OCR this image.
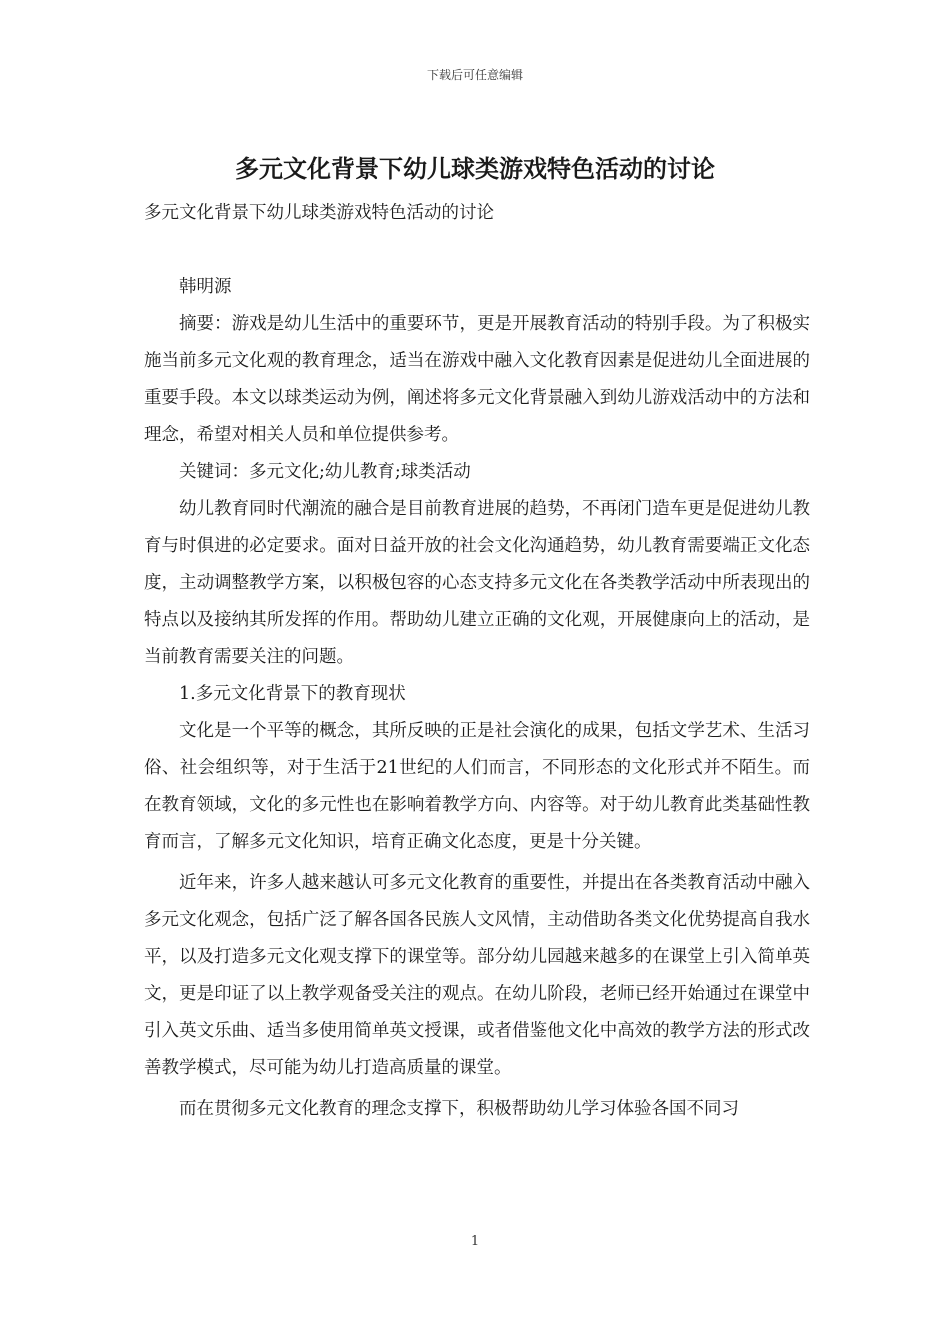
下载后可任意编辑
多元文化背景下幼儿球类游戏特色活动的讨论

多元文化背景下幼儿球类游戏特色活动的讨论

韩明源

摘要：游戏是幼儿生活中的重要环节，更是开展教育活动的特别手段。为了积极实施当前多元文化观的教育理念，适当在游戏中融入文化教育因素是促进幼儿全面进展的重要手段。本文以球类运动为例，阐述将多元文化背景融入到幼儿游戏活动中的方法和理念，希望对相关人员和单位提供参考。

关键词：多元文化;幼儿教育;球类活动

幼儿教育同时代潮流的融合是目前教育进展的趋势，不再闭门造车更是促进幼儿教育与时俱进的必定要求。面对日益开放的社会文化沟通趋势，幼儿教育需要端正文化态度，主动调整教学方案，以积极包容的心态支持多元文化在各类教学活动中所表现出的特点以及接纳其所发挥的作用。帮助幼儿建立正确的文化观，开展健康向上的活动，是当前教育需要关注的问题。

1.多元文化背景下的教育现状

文化是一个平等的概念，其所反映的正是社会演化的成果，包括文学艺术、生活习俗、社会组织等，对于生活于21世纪的人们而言，不同形态的文化形式并不陌生。而在教育领域，文化的多元性也在影响着教学方向、内容等。对于幼儿教育此类基础性教育而言，了解多元文化知识，培育正确文化态度，更是十分关键。

近年来，许多人越来越认可多元文化教育的重要性，并提出在各类教育活动中融入多元文化观念，包括广泛了解各国各民族人文风情，主动借助各类文化优势提高自我水平，以及打造多元文化观支撑下的课堂等。部分幼儿园越来越多的在课堂上引入简单英文，更是印证了以上教学观备受关注的观点。在幼儿阶段，老师已经开始通过在课堂中引入英文乐曲、适当多使用简单英文授课，或者借鉴他文化中高效的教学方法的形式改善教学模式，尽可能为幼儿打造高质量的课堂。

而在贯彻多元文化教育的理念支撑下，积极帮助幼儿学习体验各国不同习

1
